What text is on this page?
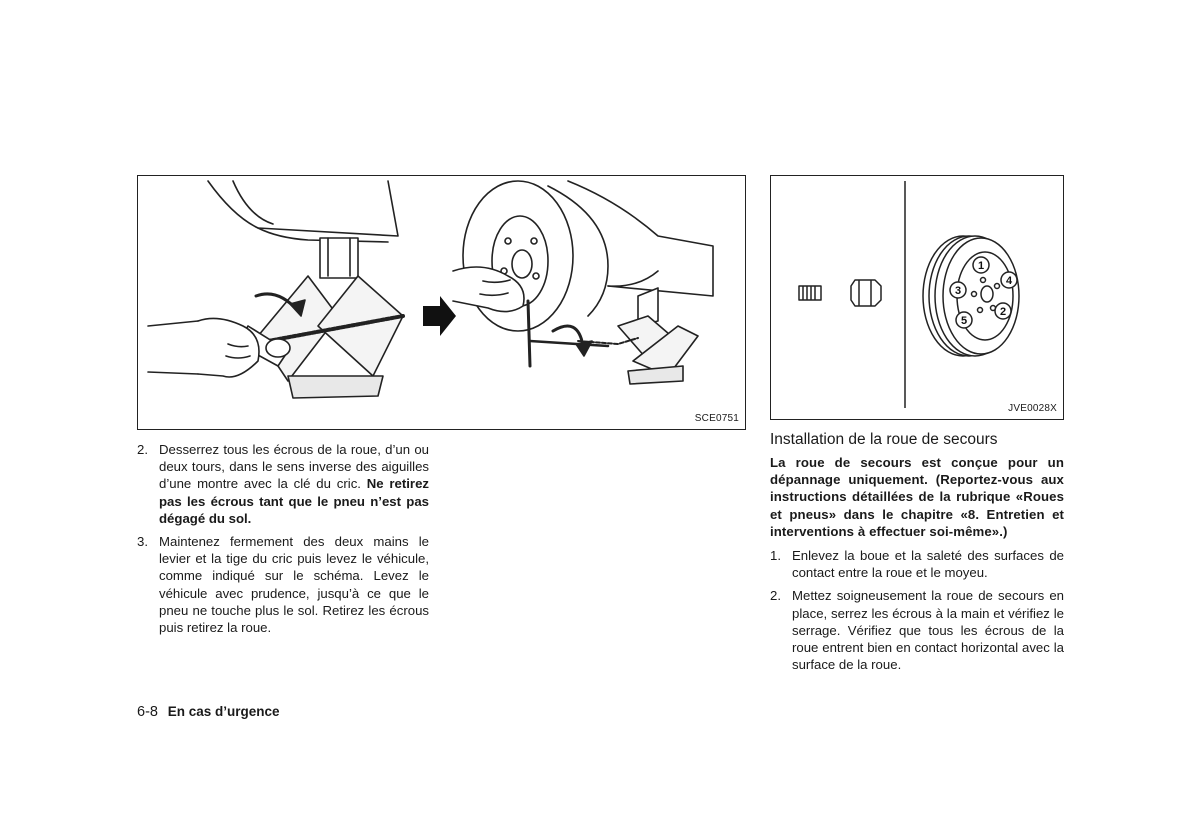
SCE0751
1
2
3
4
5
JVE0028X
2. Desserrez tous les écrous de la roue, d’un ou deux tours, dans le sens inverse des aiguilles d’une montre avec la clé du cric. Ne retirez pas les écrous tant que le pneu n’est pas dégagé du sol.
3. Maintenez fermement des deux mains le levier et la tige du cric puis levez le véhicule, comme indiqué sur le schéma. Levez le véhicule avec prudence, jusqu’à ce que le pneu ne touche plus le sol. Retirez les écrous puis retirez la roue.
Installation de la roue de secours
La roue de secours est conçue pour un dépannage uniquement. (Reportez-vous aux instructions détaillées de la rubrique «Roues et pneus» dans le chapitre «8. Entretien et interventions à effectuer soi-même».)
1. Enlevez la boue et la saleté des surfaces de contact entre la roue et le moyeu.
2. Mettez soigneusement la roue de secours en place, serrez les écrous à la main et vérifiez le serrage. Vérifiez que tous les écrous de la roue entrent bien en contact horizontal avec la surface de la roue.
6-8 En cas d’urgence
